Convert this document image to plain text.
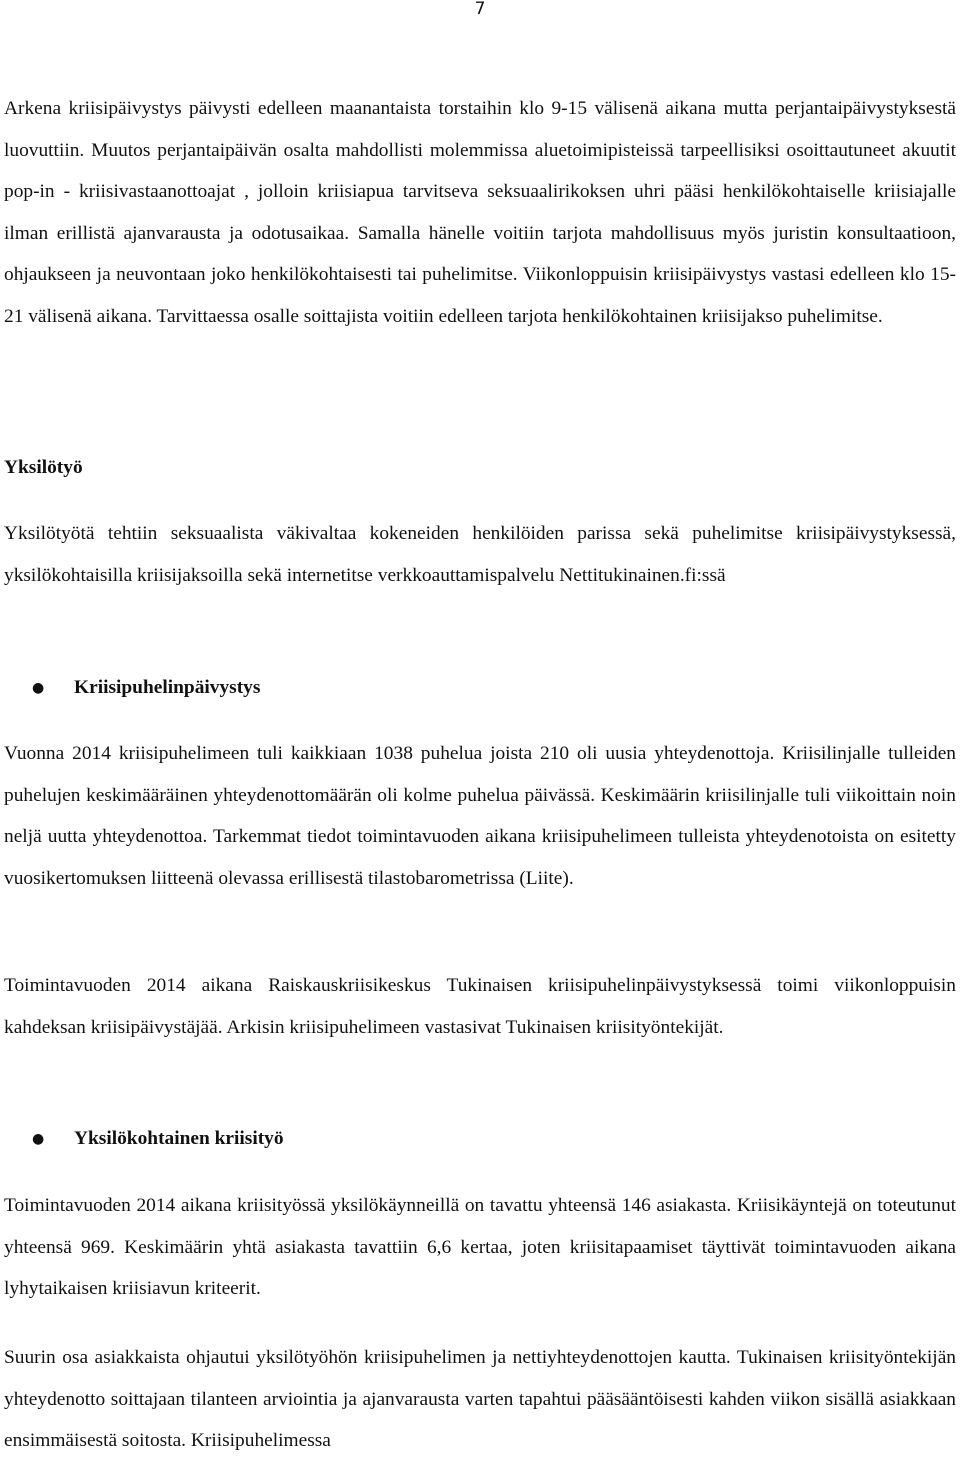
7

Arkena kriisipäivystys päivysti edelleen maanantaista torstaihin klo 9-15 välisenä aikana mutta perjantaipäivystyksestä luovuttiin. Muutos perjantaipäivän osalta mahdollisti molemmissa aluetoimipisteissä tarpeellisiksi osoittautuneet akuutit pop-in - kriisivastaanottoajat , jolloin kriisiapua tarvitseva seksuaalirikoksen uhri pääsi henkilökohtaiselle kriisiajalle ilman erillistä ajanvarausta ja odotusaikaa. Samalla hänelle voitiin tarjota mahdollisuus myös juristin konsultaatioon, ohjaukseen ja neuvontaan joko henkilökohtaisesti tai puhelimitse. Viikonloppuisin kriisipäivystys vastasi edelleen klo 15-21 välisenä aikana. Tarvittaessa osalle soittajista voitiin edelleen tarjota henkilökohtainen kriisijakso puhelimitse.

Yksilötyö

Yksilötyötä tehtiin seksuaalista väkivaltaa kokeneiden henkilöiden parissa sekä puhelimitse kriisipäivystyksessä, yksilökohtaisilla kriisijaksoilla sekä internetitse verkkoauttamispalvelu Nettitukinainen.fi:ssä

●	Kriisipuhelinpäivystys

Vuonna 2014 kriisipuhelimeen tuli kaikkiaan 1038 puhelua joista 210 oli uusia yhteydenottoja. Kriisilinjalle tulleiden puhelujen keskimääräinen yhteydenottomäärän oli kolme puhelua päivässä. Keskimäärin kriisilinjalle tuli viikoittain noin neljä uutta yhteydenottoa. Tarkemmat tiedot toimintavuoden aikana kriisipuhelimeen tulleista yhteydenotoista on esitetty vuosikertomuksen liitteenä olevassa erillisestä tilastobarometrissa (Liite).

Toimintavuoden 2014 aikana Raiskauskriisikeskus Tukinaisen kriisipuhelinpäivystyksessä toimi viikonloppuisin kahdeksan kriisipäivystäjää. Arkisin kriisipuhelimeen vastasivat Tukinaisen kriisityöntekijät.

●	Yksilökohtainen kriisityö

Toimintavuoden 2014 aikana kriisityössä yksilökäynneillä on tavattu yhteensä 146 asiakasta. Kriisikäyntejä on toteutunut yhteensä 969. Keskimäärin yhtä asiakasta tavattiin 6,6 kertaa, joten kriisitapaamiset täyttivät toimintavuoden aikana lyhytaikaisen kriisiavun kriteerit.

Suurin osa asiakkaista ohjautui yksilötyöhön kriisipuhelimen ja nettiyhteydenottojen kautta. Tukinaisen kriisityöntekijän yhteydenotto soittajaan tilanteen arviointia ja ajanvarausta varten tapahtui pääsääntöisesti kahden viikon sisällä asiakkaan ensimmäisestä soitosta. Kriisipuhelimessa
